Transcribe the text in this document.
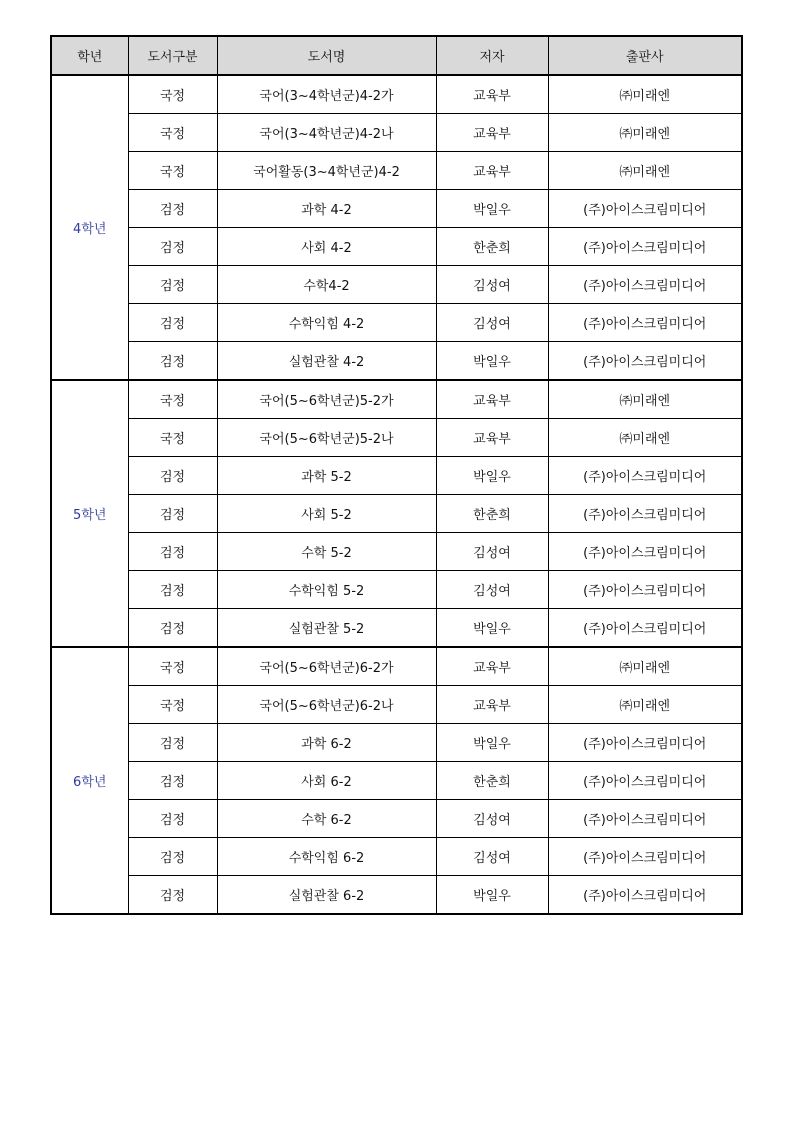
학년	도서구분	도서명	저자	출판사
4학년	국정	국어(3~4학년군)4-2가	교육부	㈜미래엔
	국정	국어(3~4학년군)4-2나	교육부	㈜미래엔
	국정	국어활동(3~4학년군)4-2	교육부	㈜미래엔
	검정	과학 4-2	박일우	(주)아이스크림미디어
	검정	사회 4-2	한춘희	(주)아이스크림미디어
	검정	수학4-2	김성여	(주)아이스크림미디어
	검정	수학익힘 4-2	김성여	(주)아이스크림미디어
	검정	실험관찰 4-2	박일우	(주)아이스크림미디어
5학년	국정	국어(5~6학년군)5-2가	교육부	㈜미래엔
	국정	국어(5~6학년군)5-2나	교육부	㈜미래엔
	검정	과학 5-2	박일우	(주)아이스크림미디어
	검정	사회 5-2	한춘희	(주)아이스크림미디어
	검정	수학 5-2	김성여	(주)아이스크림미디어
	검정	수학익힘 5-2	김성여	(주)아이스크림미디어
	검정	실험관찰 5-2	박일우	(주)아이스크림미디어
6학년	국정	국어(5~6학년군)6-2가	교육부	㈜미래엔
	국정	국어(5~6학년군)6-2나	교육부	㈜미래엔
	검정	과학 6-2	박일우	(주)아이스크림미디어
	검정	사회 6-2	한춘희	(주)아이스크림미디어
	검정	수학 6-2	김성여	(주)아이스크림미디어
	검정	수학익힘 6-2	김성여	(주)아이스크림미디어
	검정	실험관찰 6-2	박일우	(주)아이스크림미디어
